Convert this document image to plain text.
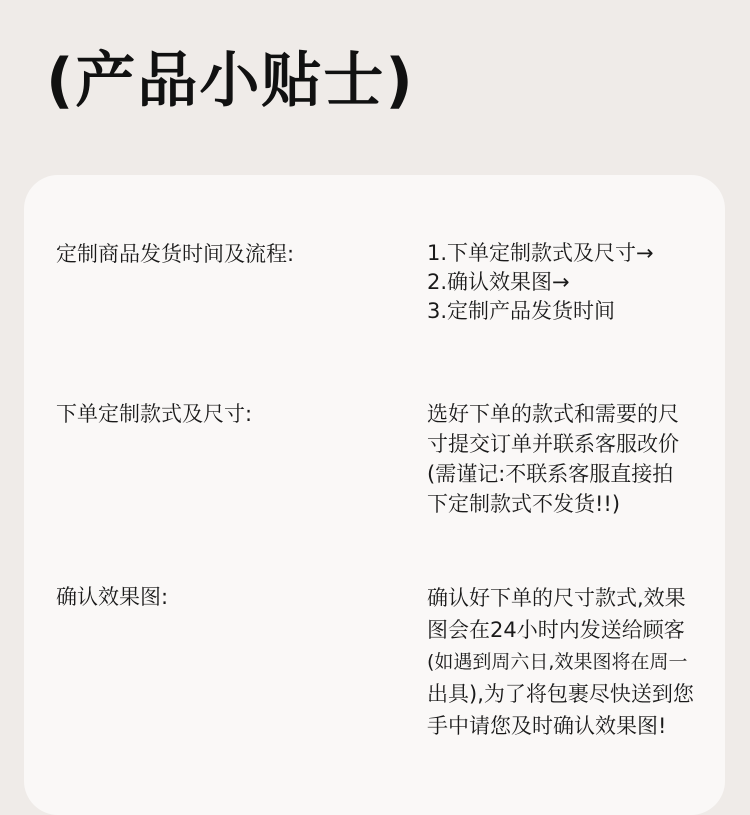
(产品小贴士)
定制商品发货时间及流程:	1.下单定制款式及尺寸→
2.确认效果图→
3.定制产品发货时间
下单定制款式及尺寸:	选好下单的款式和需要的尺
寸提交订单并联系客服改价
(需谨记:不联系客服直接拍
下定制款式不发货!!)
确认效果图:	确认好下单的尺寸款式,效果
图会在24小时内发送给顾客
(如遇到周六日,效果图将在周一
出具),为了将包裹尽快送到您
手中请您及时确认效果图!
